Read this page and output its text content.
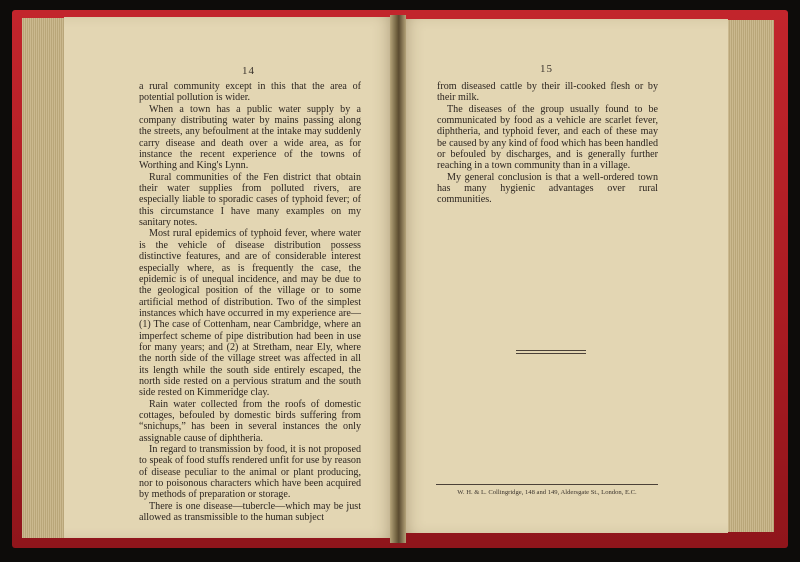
14	15

a rural community except in this that the area of potential pollution is wider.

When a town has a public water supply by a company distributing water by mains passing along the streets, any befoulment at the intake may suddenly carry disease and death over a wide area, as for instance the recent experience of the towns of Worthing and King's Lynn.

Rural communities of the Fen district that obtain their water supplies from polluted rivers, are especially liable to sporadic cases of typhoid fever; of this circumstance I have many examples on my sanitary notes.

Most rural epidemics of typhoid fever, where water is the vehicle of disease distribution possess distinctive features, and are of considerable interest especially where, as is frequently the case, the epidemic is of unequal incidence, and may be due to the geological position of the village or to some artificial method of distribution. Two of the simplest instances which have occurred in my experience are—(1) The case of Cottenham, near Cambridge, where an imperfect scheme of pipe distribution had been in use for many years; and (2) at Stretham, near Ely, where the north side of the village street was affected in all its length while the south side entirely escaped, the north side rested on a pervious stratum and the south side rested on Kimmeridge clay.

Rain water collected from the roofs of domestic cottages, befouled by domestic birds suffering from “snichups,” has been in several instances the only assignable cause of diphtheria.

In regard to transmission by food, it is not proposed to speak of food stuffs rendered unfit for use by reason of disease peculiar to the animal or plant producing, nor to poisonous characters which have been acquired by methods of preparation or storage.

There is one disease—tubercle—which may be just allowed as transmissible to the human subject

from diseased cattle by their ill-cooked flesh or by their milk.

The diseases of the group usually found to be communicated by food as a vehicle are scarlet fever, diphtheria, and typhoid fever, and each of these may be caused by any kind of food which has been handled or befouled by discharges, and is generally further reaching in a town community than in a village.

My general conclusion is that a well-ordered town has many hygienic advantages over rural communities.

W. H. & L. Collingridge, 148 and 149, Aldersgate St., London, E.C.
